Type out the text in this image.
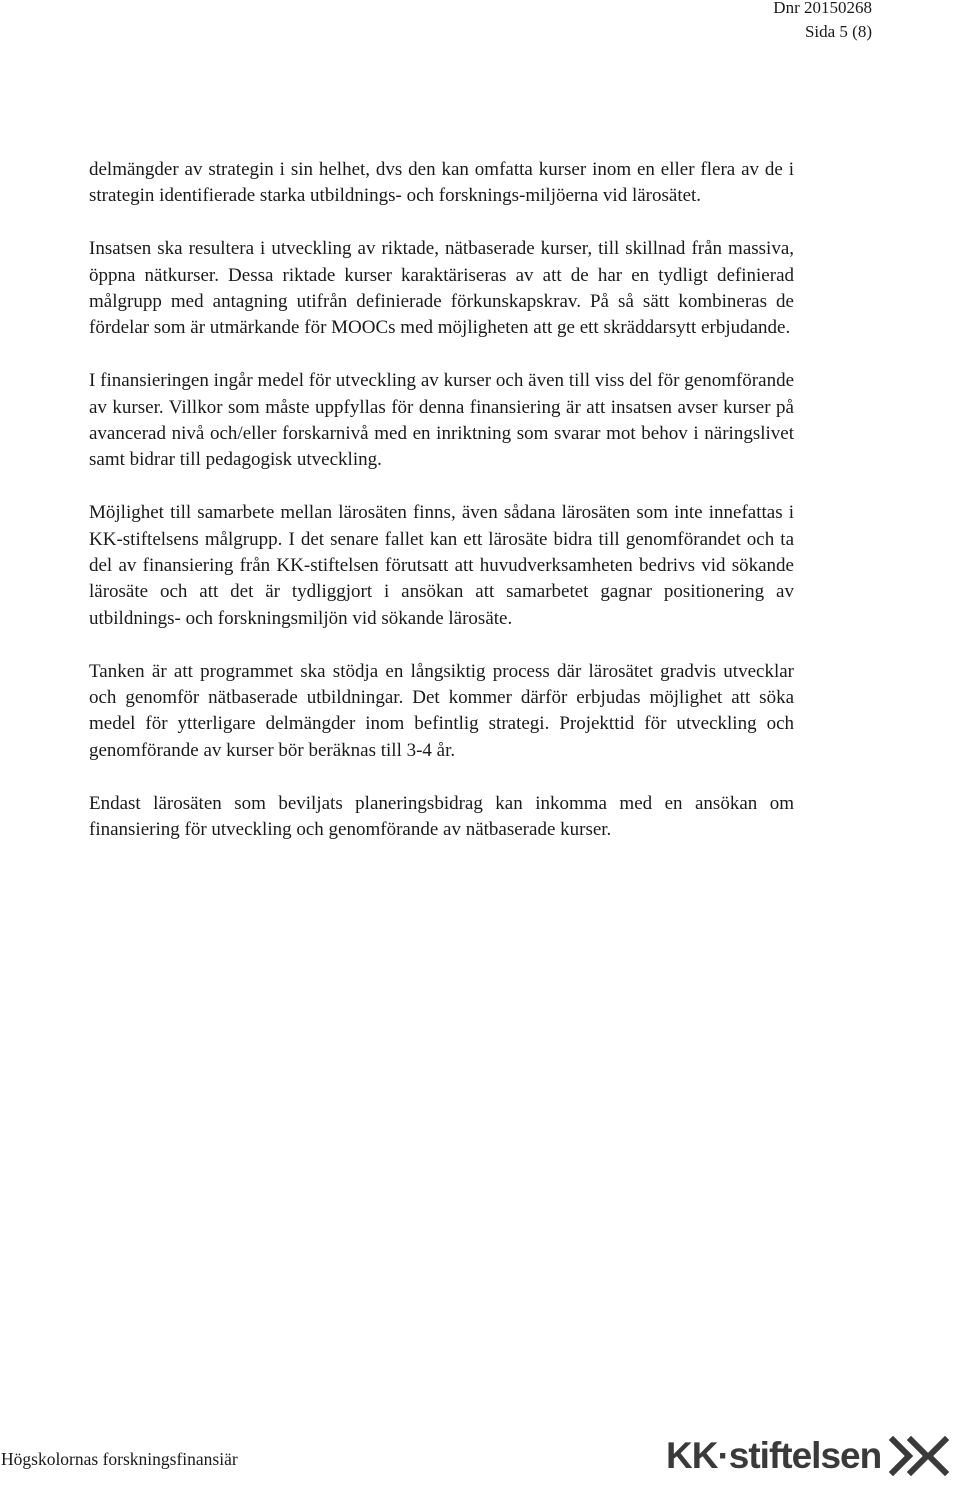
Dnr 20150268
Sida 5 (8)

delmängder av strategin i sin helhet, dvs den kan omfatta kurser inom en eller flera av de i strategin identifierade starka utbildnings- och forsknings-miljöerna vid lärosätet.

Insatsen ska resultera i utveckling av riktade, nätbaserade kurser, till skillnad från massiva, öppna nätkurser. Dessa riktade kurser karaktäriseras av att de har en tydligt definierad målgrupp med antagning utifrån definierade förkunskapskrav. På så sätt kombineras de fördelar som är utmärkande för MOOCs med möjligheten att ge ett skräddarsytt erbjudande.

I finansieringen ingår medel för utveckling av kurser och även till viss del för genomförande av kurser. Villkor som måste uppfyllas för denna finansiering är att insatsen avser kurser på avancerad nivå och/eller forskarnivå med en inriktning som svarar mot behov i näringslivet samt bidrar till pedagogisk utveckling.

Möjlighet till samarbete mellan lärosäten finns, även sådana lärosäten som inte innefattas i KK-stiftelsens målgrupp. I det senare fallet kan ett lärosäte bidra till genomförandet och ta del av finansiering från KK-stiftelsen förutsatt att huvudverksamheten bedrivs vid sökande lärosäte och att det är tydliggjort i ansökan att samarbetet gagnar positionering av utbildnings- och forskningsmiljön vid sökande lärosäte.

Tanken är att programmet ska stödja en långsiktig process där lärosätet gradvis utvecklar och genomför nätbaserade utbildningar. Det kommer därför erbjudas möjlighet att söka medel för ytterligare delmängder inom befintlig strategi. Projekttid för utveckling och genomförande av kurser bör beräknas till 3-4 år.

Endast lärosäten som beviljats planeringsbidrag kan inkomma med en ansökan om finansiering för utveckling och genomförande av nätbaserade kurser.

Högskolornas forskningsfinansiär	KK·stiftelsen
